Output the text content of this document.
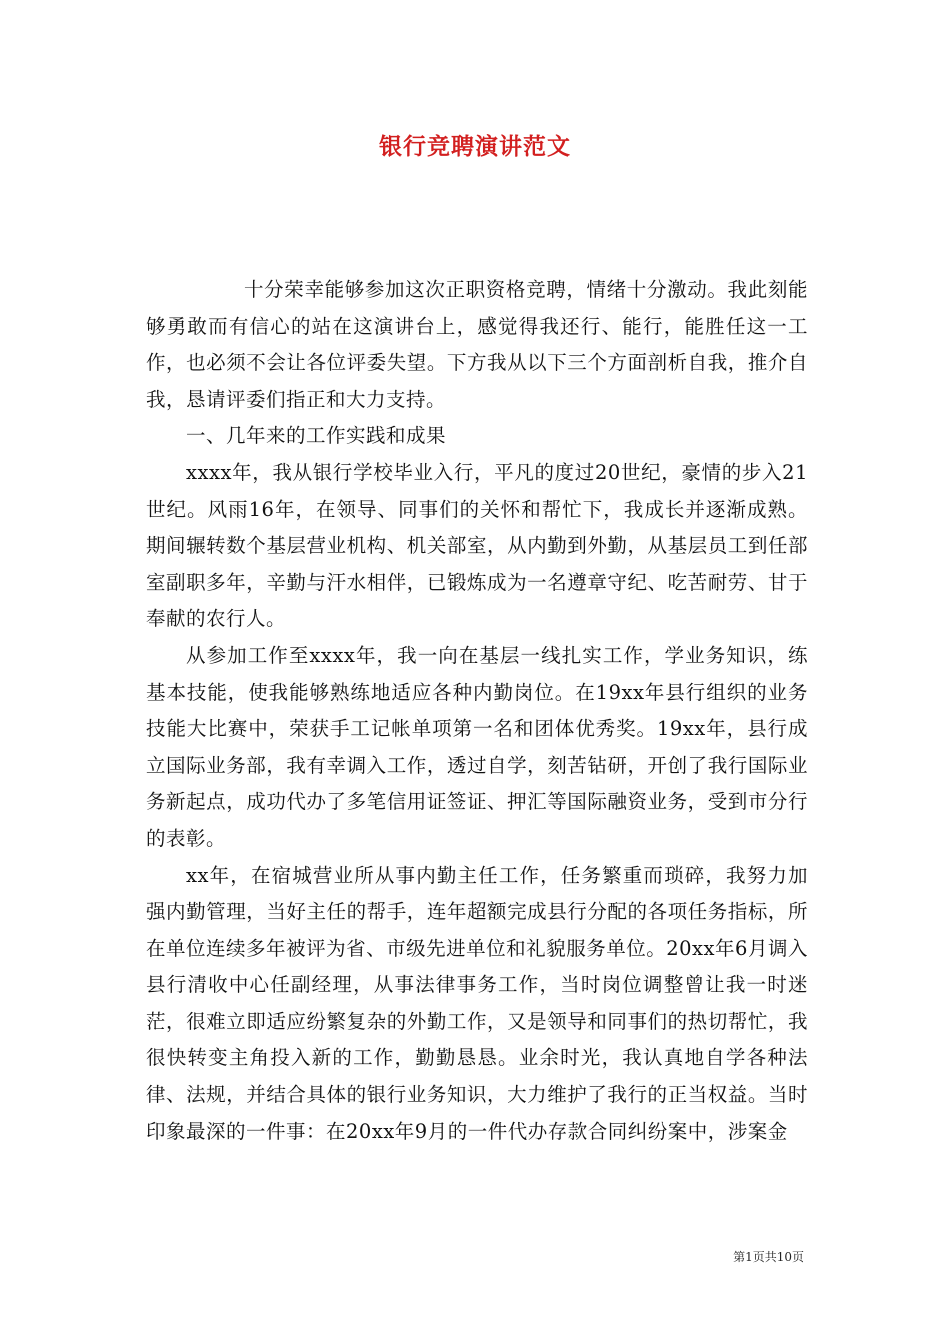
银行竞聘演讲范文

十分荣幸能够参加这次正职资格竞聘，情绪十分激动。我此刻能够勇敢而有信心的站在这演讲台上，感觉得我还行、能行，能胜任这一工作，也必须不会让各位评委失望。下方我从以下三个方面剖析自我，推介自我，恳请评委们指正和大力支持。

一、几年来的工作实践和成果

xxxx年，我从银行学校毕业入行，平凡的度过20世纪，豪情的步入21世纪。风雨16年，在领导、同事们的关怀和帮忙下，我成长并逐渐成熟。期间辗转数个基层营业机构、机关部室，从内勤到外勤，从基层员工到任部室副职多年，辛勤与汗水相伴，已锻炼成为一名遵章守纪、吃苦耐劳、甘于奉献的农行人。

从参加工作至xxxx年，我一向在基层一线扎实工作，学业务知识，练基本技能，使我能够熟练地适应各种内勤岗位。在19xx年县行组织的业务技能大比赛中，荣获手工记帐单项第一名和团体优秀奖。19xx年，县行成立国际业务部，我有幸调入工作，透过自学，刻苦钻研，开创了我行国际业务新起点，成功代办了多笔信用证签证、押汇等国际融资业务，受到市分行的表彰。

xx年，在宿城营业所从事内勤主任工作，任务繁重而琐碎，我努力加强内勤管理，当好主任的帮手，连年超额完成县行分配的各项任务指标，所在单位连续多年被评为省、市级先进单位和礼貌服务单位。20xx年6月调入县行清收中心任副经理，从事法律事务工作，当时岗位调整曾让我一时迷茫，很难立即适应纷繁复杂的外勤工作，又是领导和同事们的热切帮忙，我很快转变主角投入新的工作，勤勤恳恳。业余时光，我认真地自学各种法律、法规，并结合具体的银行业务知识，大力维护了我行的正当权益。当时印象最深的一件事：在20xx年9月的一件代办存款合同纠纷案中，涉案金

第1页共10页
